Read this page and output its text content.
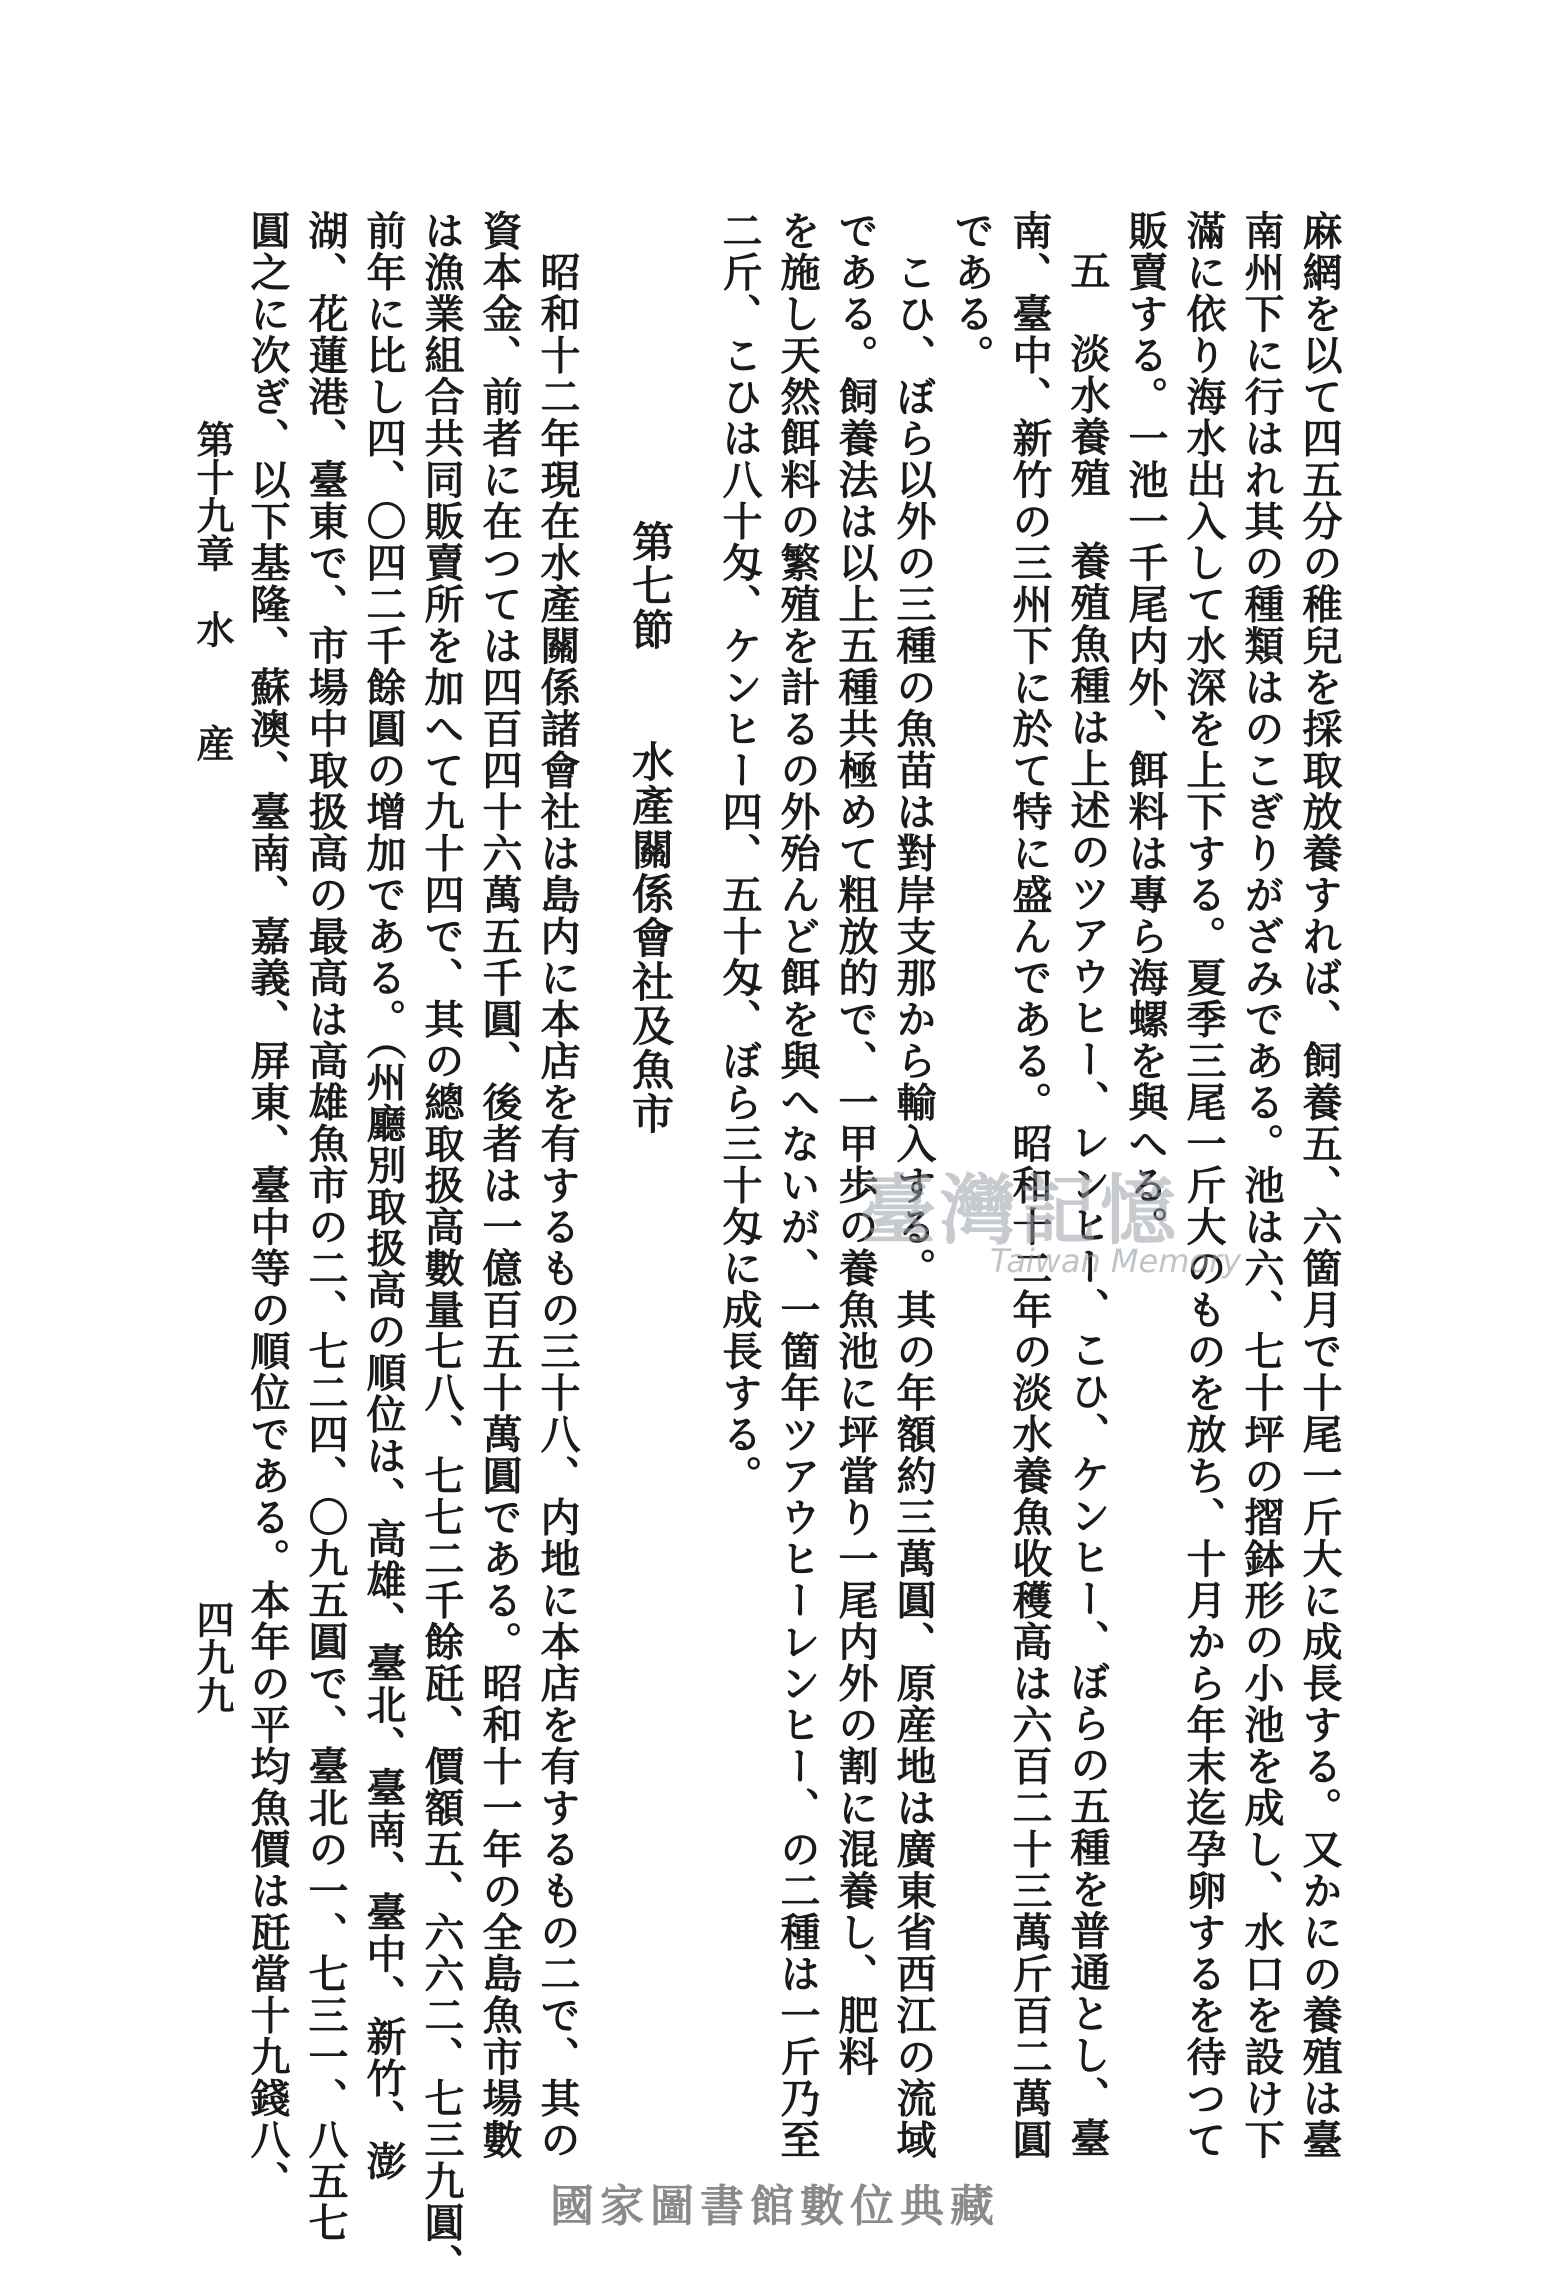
麻網を以て四五分の稚兒を採取放養すれば、飼養五、六箇月で十尾一斤大に成長する。又かにの養殖は臺
南州下に行はれ其の種類はのこぎりがざみである。池は六、七十坪の摺鉢形の小池を成し、水口を設け下
滿に依り海水出入して水深を上下する。夏季三尾一斤大のものを放ち、十月から年末迄孕卵するを待つて
販賣する。一池一千尾内外、餌料は專ら海螺を與へる。
五　淡水養殖　養殖魚種は上述のツアウヒー、レンヒー、こひ、ケンヒー、ぼらの五種を普通とし、臺
南、臺中、新竹の三州下に於て特に盛んである。昭和十二年の淡水養魚收穫高は六百二十三萬斤百二萬圓
である。
　こひ、ぼら以外の三種の魚苗は對岸支那から輸入する。其の年額約三萬圓、原産地は廣東省西江の流域
である。飼養法は以上五種共極めて粗放的で、一甲歩の養魚池に坪當り一尾内外の割に混養し、肥料
を施し天然餌料の繁殖を計るの外殆んど餌を與へないが、一箇年ツアウヒーレンヒー、の二種は一斤乃至
二斤、こひは八十匁、ケンヒー四、五十匁、ぼら三十匁に成長する。
第七節
水產關係會社及魚市
　昭和十二年現在水產關係諸會社は島内に本店を有するもの三十八、内地に本店を有するもの二で、其の
資本金、前者に在つては四百四十六萬五千圓、後者は一億百五十萬圓である。昭和十一年の全島魚市場數
は漁業組合共同販賣所を加へて九十四で、其の總取扱高數量七八、七七二千餘瓩、價額五、六六二、七三九圓、
前年に比し四、〇四二千餘圓の增加である。（州廳別取扱高の順位は、高雄、臺北、臺南、臺中、新竹、澎
湖、花蓮港、臺東で、市場中取扱高の最高は高雄魚市の二、七二四、〇九五圓で、臺北の一、七三一、八五七
圓之に次ぎ、以下基隆、蘇澳、臺南、嘉義、屏東、臺中等の順位である。本年の平均魚價は瓩當十九錢八、
第十九章　水　　産
四九九
臺灣記憶
Taiwan Memory
國家圖書館數位典藏
